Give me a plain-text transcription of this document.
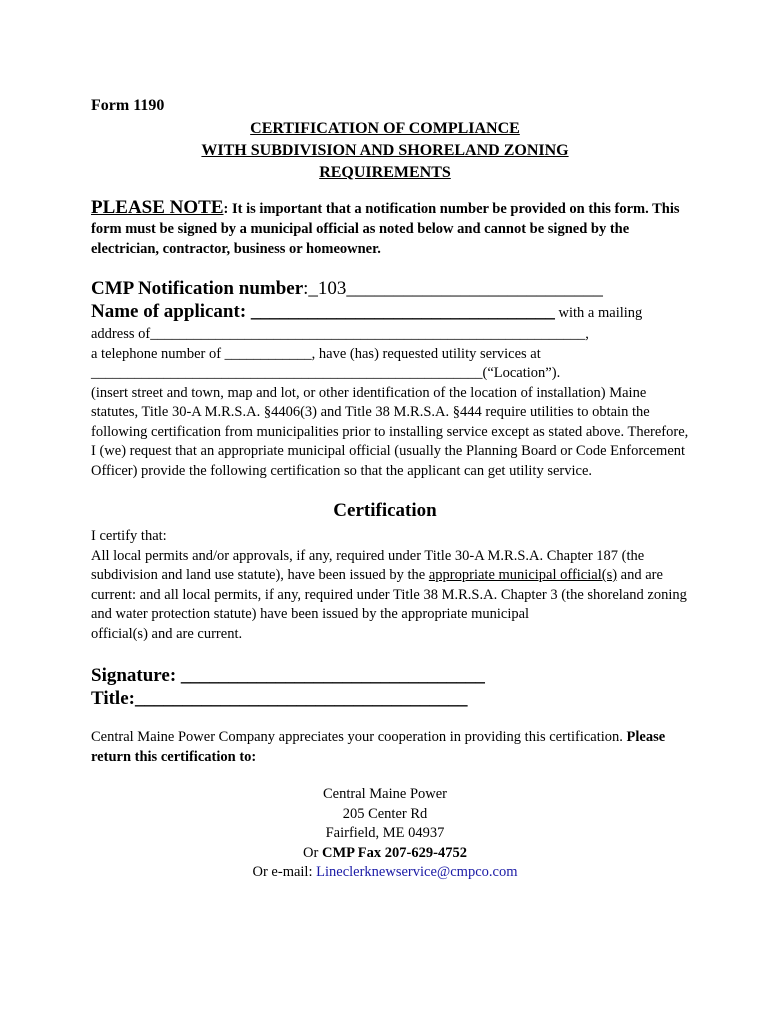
Form 1190

CERTIFICATION OF COMPLIANCE
WITH SUBDIVISION AND SHORELAND ZONING
REQUIREMENTS
PLEASE NOTE: It is important that a notification number be provided on this form. This form must be signed by a municipal official as noted below and cannot be signed by the electrician, contractor, business or homeowner.
CMP Notification number:_103___________________________
Name of applicant: ________________________________ with a mailing
address of____________________________________________________________,
a telephone number of ____________, have (has) requested utility services at
______________________________________________________(“Location”).
(insert street and town, map and lot, or other identification of the location of installation) Maine statutes, Title 30-A M.R.S.A. §4406(3) and Title 38 M.R.S.A. §444 require utilities to obtain the following certification from municipalities prior to installing service except as stated above. Therefore, I (we) request that an appropriate municipal official (usually the Planning Board or Code Enforcement Officer) provide the following certification so that the applicant can get utility service.
Certification
I certify that:
All local permits and/or approvals, if any, required under Title 30-A M.R.S.A. Chapter 187 (the subdivision and land use statute), have been issued by the appropriate municipal official(s) and are current: and all local permits, if any, required under Title 38 M.R.S.A. Chapter 3 (the shoreland zoning and water protection statute) have been issued by the appropriate municipal
official(s) and are current.
Signature: ________________________________
Title:___________________________________
Central Maine Power Company appreciates your cooperation in providing this certification. Please return this certification to:
Central Maine Power
205 Center Rd
Fairfield, ME 04937
Or CMP Fax 207-629-4752
Or e-mail: Lineclerknewservice@cmpco.com
